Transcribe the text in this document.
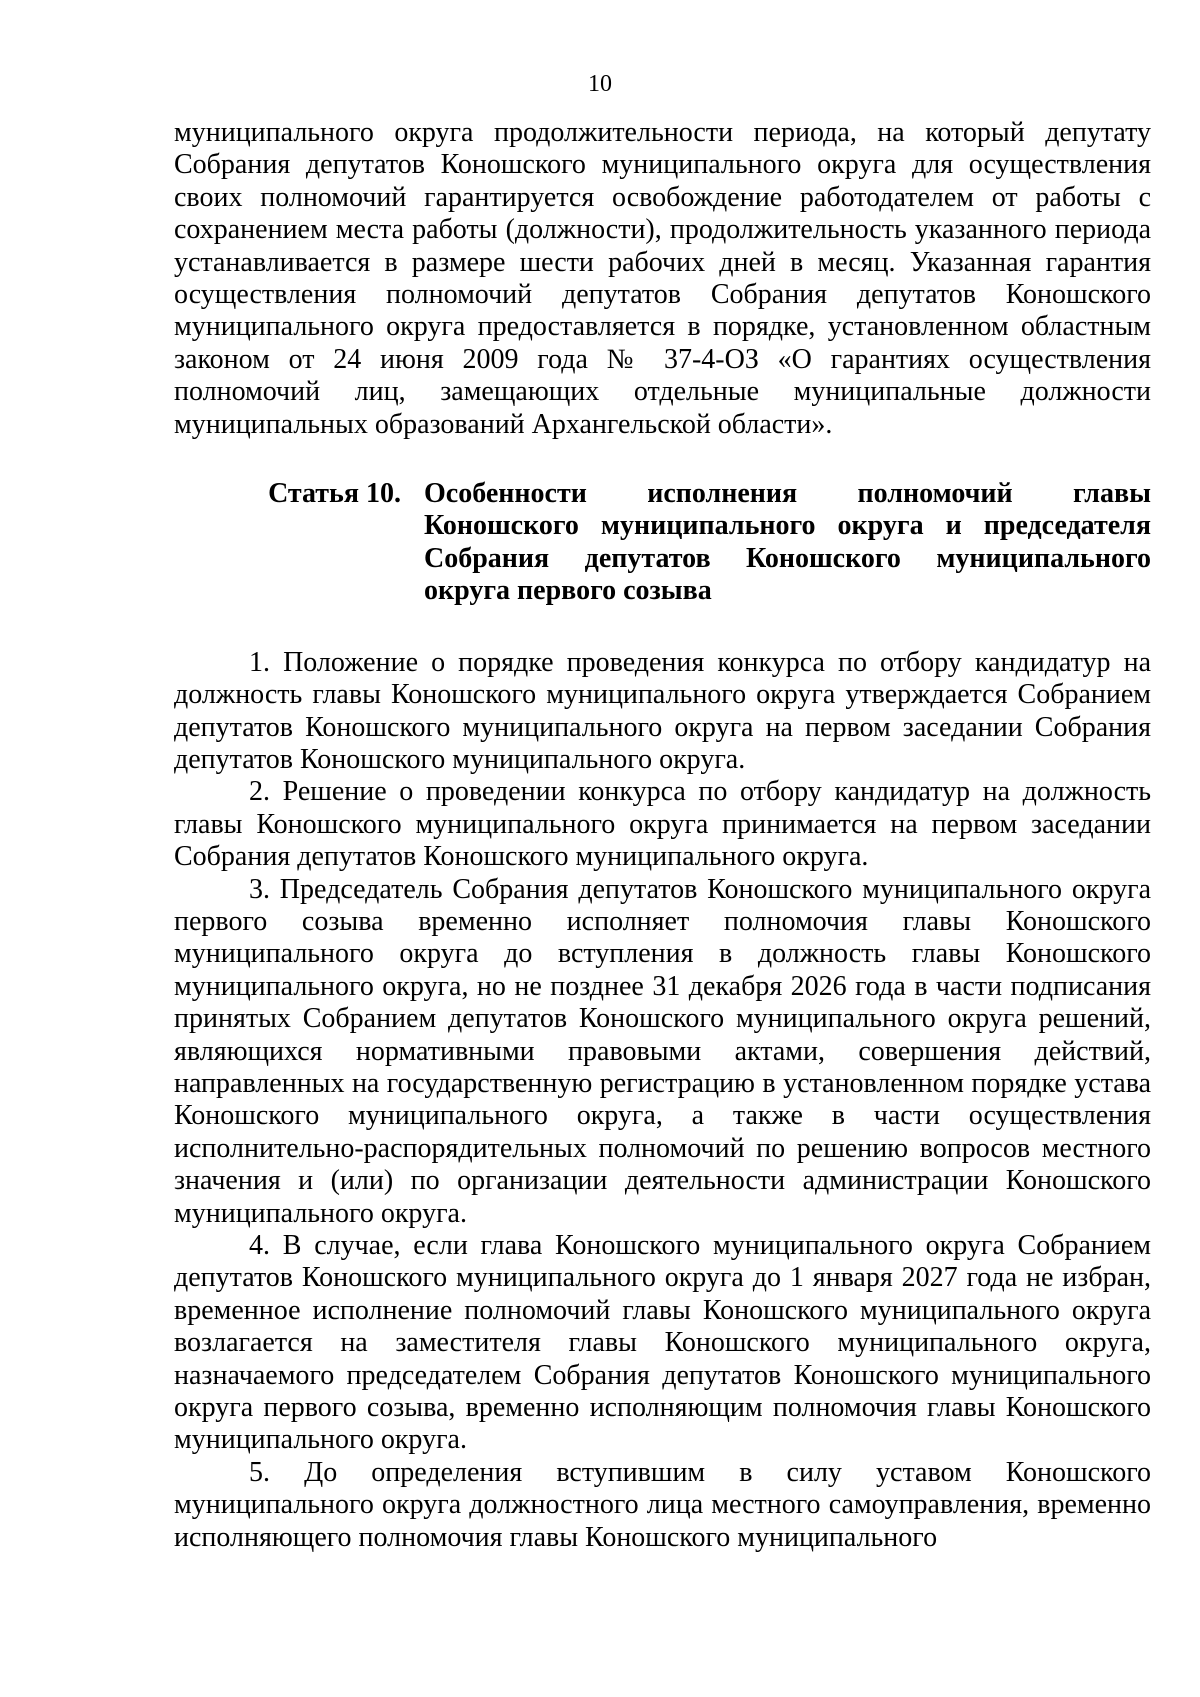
10

муниципального округа продолжительности периода, на который депутату Собрания депутатов Коношского муниципального округа для осуществления своих полномочий гарантируется освобождение работодателем от работы с сохранением места работы (должности), продолжительность указанного периода устанавливается в размере шести рабочих дней в месяц. Указанная гарантия осуществления полномочий депутатов Собрания депутатов Коношского муниципального округа предоставляется в порядке, установленном областным законом от 24 июня 2009 года № 37-4-ОЗ «О гарантиях осуществления полномочий лиц, замещающих отдельные муниципальные должности муниципальных образований Архангельской области».

Статья 10. Особенности исполнения полномочий главы Коношского муниципального округа и председателя Собрания депутатов Коношского муниципального округа первого созыва

1. Положение о порядке проведения конкурса по отбору кандидатур на должность главы Коношского муниципального округа утверждается Собранием депутатов Коношского муниципального округа на первом заседании Собрания депутатов Коношского муниципального округа.

2. Решение о проведении конкурса по отбору кандидатур на должность главы Коношского муниципального округа принимается на первом заседании Собрания депутатов Коношского муниципального округа.

3. Председатель Собрания депутатов Коношского муниципального округа первого созыва временно исполняет полномочия главы Коношского муниципального округа до вступления в должность главы Коношского муниципального округа, но не позднее 31 декабря 2026 года в части подписания принятых Собранием депутатов Коношского муниципального округа решений, являющихся нормативными правовыми актами, совершения действий, направленных на государственную регистрацию в установленном порядке устава Коношского муниципального округа, а также в части осуществления исполнительно-распорядительных полномочий по решению вопросов местного значения и (или) по организации деятельности администрации Коношского муниципального округа.

4. В случае, если глава Коношского муниципального округа Собранием депутатов Коношского муниципального округа до 1 января 2027 года не избран, временное исполнение полномочий главы Коношского муниципального округа возлагается на заместителя главы Коношского муниципального округа, назначаемого председателем Собрания депутатов Коношского муниципального округа первого созыва, временно исполняющим полномочия главы Коношского муниципального округа.

5. До определения вступившим в силу уставом Коношского муниципального округа должностного лица местного самоуправления, временно исполняющего полномочия главы Коношского муниципального
